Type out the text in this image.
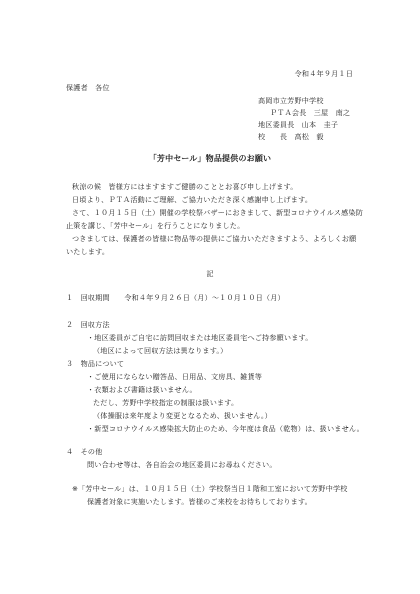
令和４年９月１日
保護者　各位
高岡市立芳野中学校
ＰＴＡ会長　三屋　南之
地区委員長　山本　圭子
校　　長　高松　毅
「芳中セール」物品提供のお願い
秋涼の候　皆様方にはますますご健勝のこととお喜び申し上げます。
日頃より、ＰＴＡ活動にご理解、ご協力いただき深く感謝申し上げます。
さて、１０月１５日（土）開催の学校祭バザーにおきまして、新型コロナウイルス感染防
止策を講じ、「芳中セール」を行うことになりました。
つきましては、保護者の皆様に物品等の提供にご協力いただきますよう、よろしくお願
いたします。
記
１　回収期間　　令和４年９月２６日（月）～１０月１０日（月）
２　回収方法
・地区委員がご自宅に訪問回収または地区委員宅へご持参願います。
（地区によって回収方法は異なります。）
３　物品について
・ご使用にならない贈答品、日用品、文房具、雑貨等
・衣類および書籍は扱いません。
ただし、芳野中学校指定の制服は扱います。
（体操服は来年度より変更となるため、扱いません。）
・新型コロナウイルス感染拡大防止のため、今年度は食品（乾物）は、扱いません。
４　その他
問い合わせ等は、各自治会の地区委員にお尋ねください。
※「芳中セール」は、１０月１５日（土）学校祭当日１階和工室において芳野中学校
保護者対象に実施いたします。皆様のご来校をお待ちしております。
